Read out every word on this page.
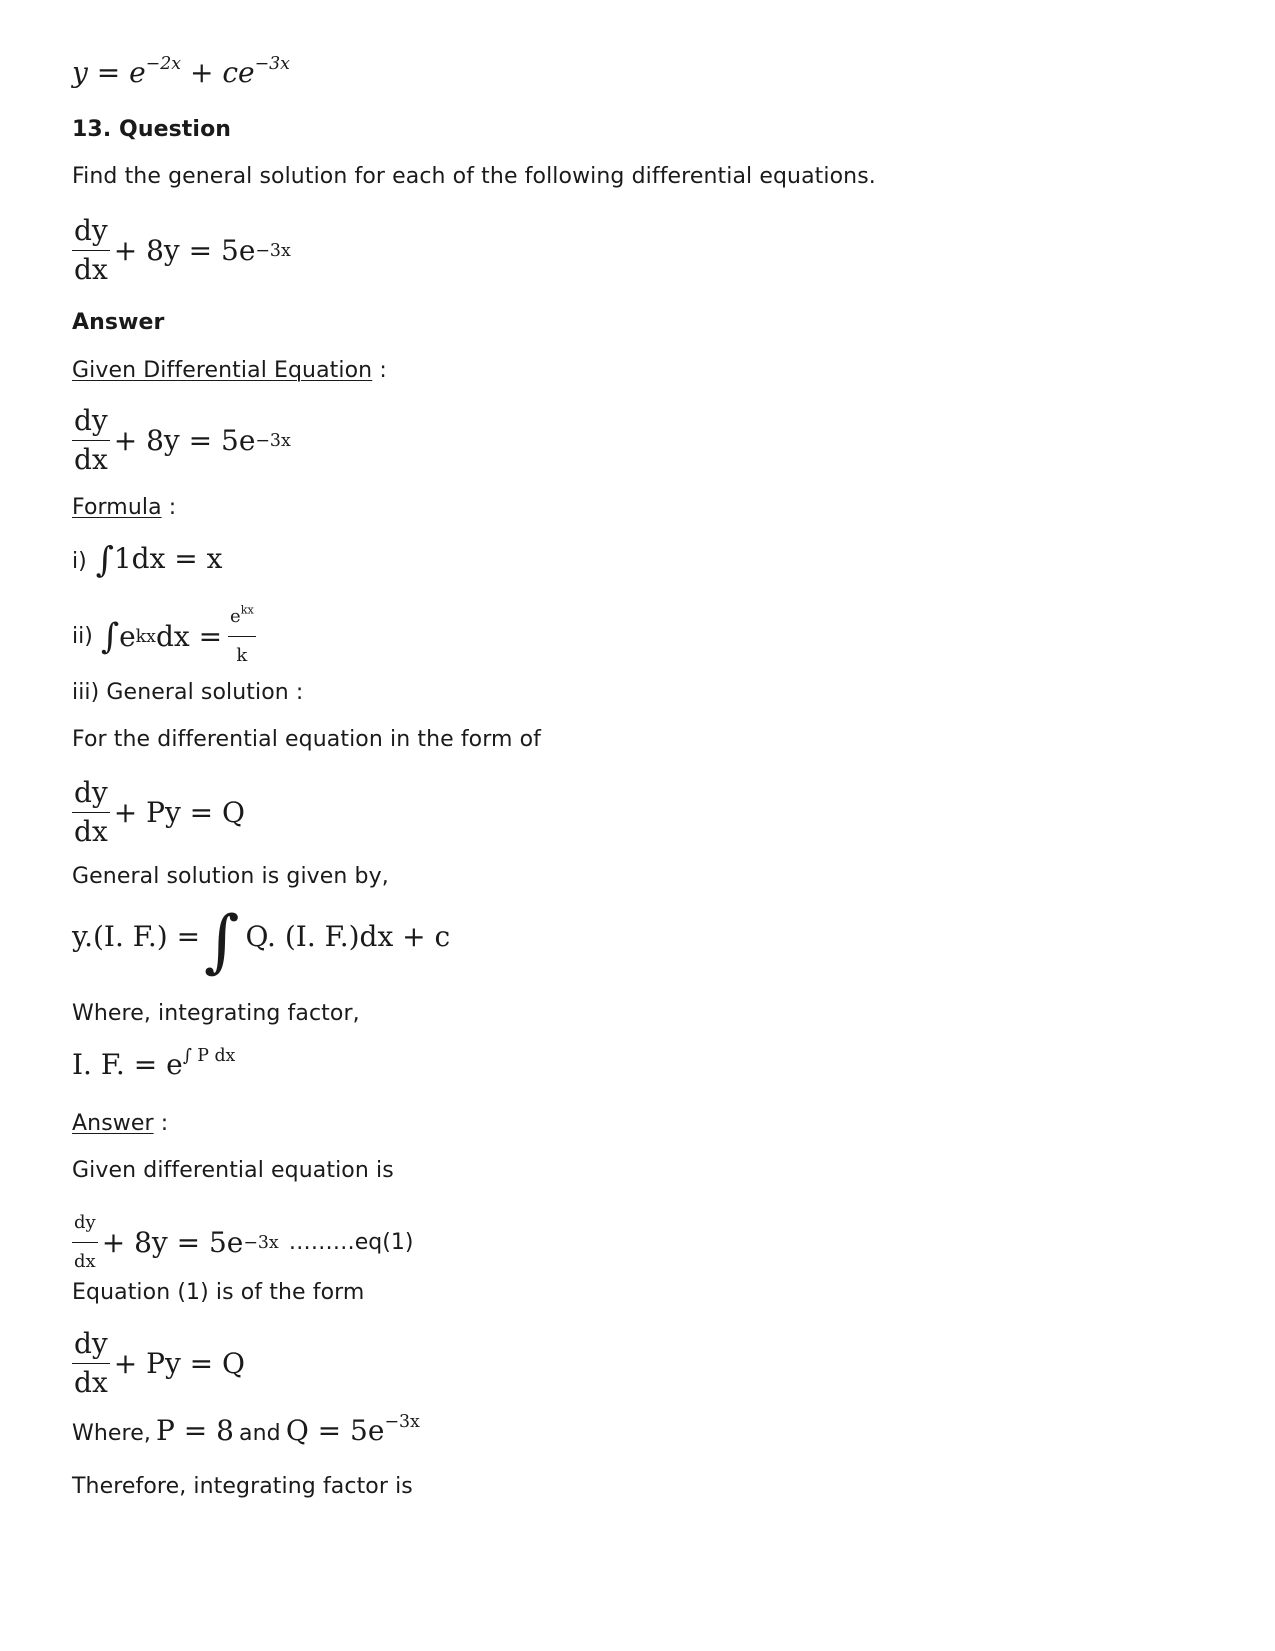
$y = e^{-2x} + ce^{-3x}$
13. Question
Find the general solution for each of the following differential equations.
$\frac{dy}{dx} + 8y = 5e -3x$
Answer
Given Differential Equation :
$\frac{dy}{dx} + 8y = 5e -3x$
Formula :
i) ∫1dx = x
ii) ∫ e kx dx = $\frac{e^{kx}}{k}$
iii) General solution :
For the differential equation in the form of
$\frac{dy}{dx} + Py = Q$
General solution is given by,
y.(I. F.) =∫ Q. (I. F.)dx + c
Where, integrating factor,
I. F. = $e^{\int P dx}$
Answer :
Given differential equation is
$\frac{dy}{dx} + 8y = 5e -3x$ ………eq(1)
Equation (1) is of the form
$\frac{dy}{dx} + Py = Q$
Where, P = 8 and $Q = 5e^{-3x}$
Therefore, integrating factor is
